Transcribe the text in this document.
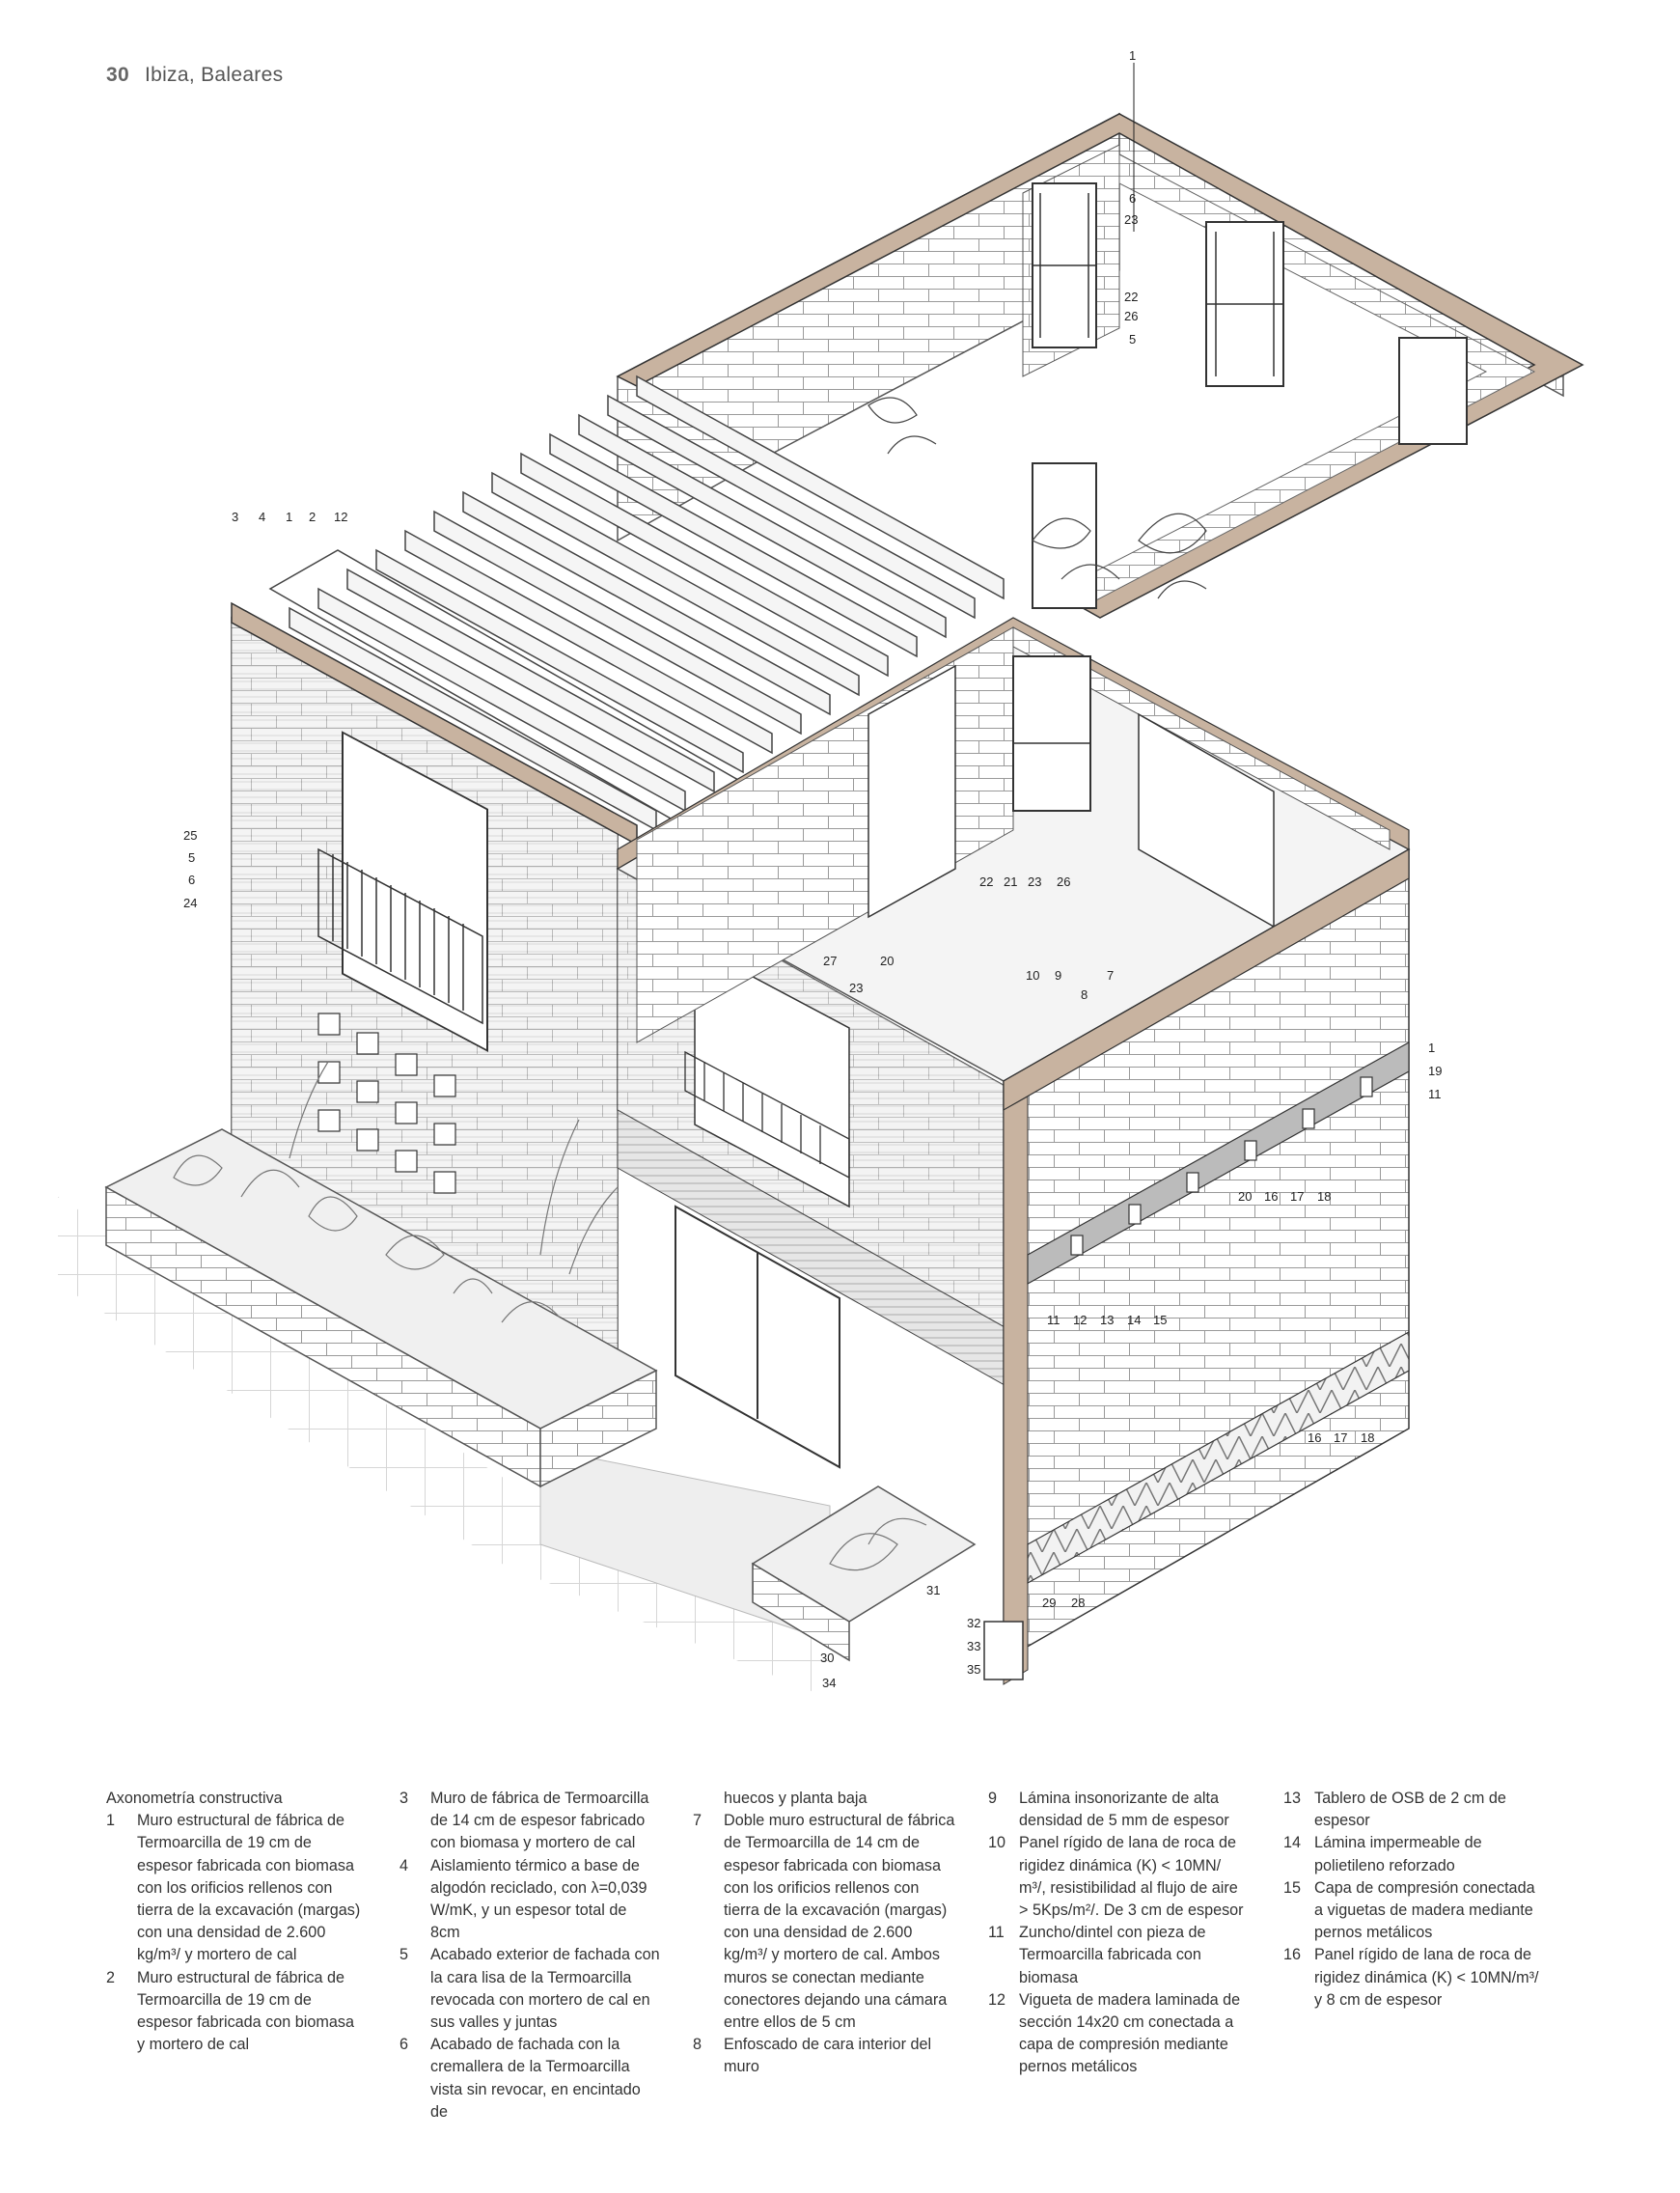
30 Ibiza, Baleares
1
6
23
22
26
5
3 4 1 2 12
25
5
6
24
22 21 23 26
27	20
23
10 9
8
7
1
19
11
20 16 17 18
11 12 13 14 15
16 17 18
29 28
31
32
33
35
30
34
Axonometría constructiva
1	Muro estructural de fábrica de Termoarcilla de 19 cm de espesor fabricada con biomasa con los orificios rellenos con tierra de la excavación (margas) con una densidad de 2.600 kg/m³/ y mortero de cal
2	Muro estructural de fábrica de Termoarcilla de 19 cm de espesor fabricada con biomasa y mortero de cal
3	Muro de fábrica de Termoarcilla de 14 cm de espesor fabricado con biomasa y mortero de cal
4	Aislamiento térmico a base de algodón reciclado, con λ=0,039 W/mK, y un espesor total de 8cm
5	Acabado exterior de fachada con la cara lisa de la Termoarcilla revocada con mortero de cal en sus valles y juntas
6	Acabado de fachada con la cremallera de la Termoarcilla vista sin revocar, en encintado de
huecos y planta baja
7	Doble muro estructural de fábrica de Termoarcilla de 14 cm de espesor fabricada con biomasa con los orificios rellenos con tierra de la excavación (margas) con una densidad de 2.600 kg/m³/ y mortero de cal. Ambos muros se conectan mediante conectores dejando una cámara entre ellos de 5 cm
8	Enfoscado de cara interior del muro
9	Lámina insonorizante de alta densidad de 5 mm de espesor
10 Panel rígido de lana de roca de rigidez dinámica (K) < 10MN/ m³/, resistibilidad al flujo de aire > 5Kps/m²/. De 3 cm de espesor
11 Zuncho/dintel con pieza de Termoarcilla fabricada con biomasa
12 Vigueta de madera laminada de sección 14x20 cm conectada a capa de compresión mediante pernos metálicos
13 Tablero de OSB de 2 cm de espesor
14 Lámina impermeable de polietileno reforzado
15 Capa de compresión conectada a viguetas de madera mediante pernos metálicos
16 Panel rígido de lana de roca de rigidez dinámica (K) < 10MN/m³/ y 8 cm de espesor
